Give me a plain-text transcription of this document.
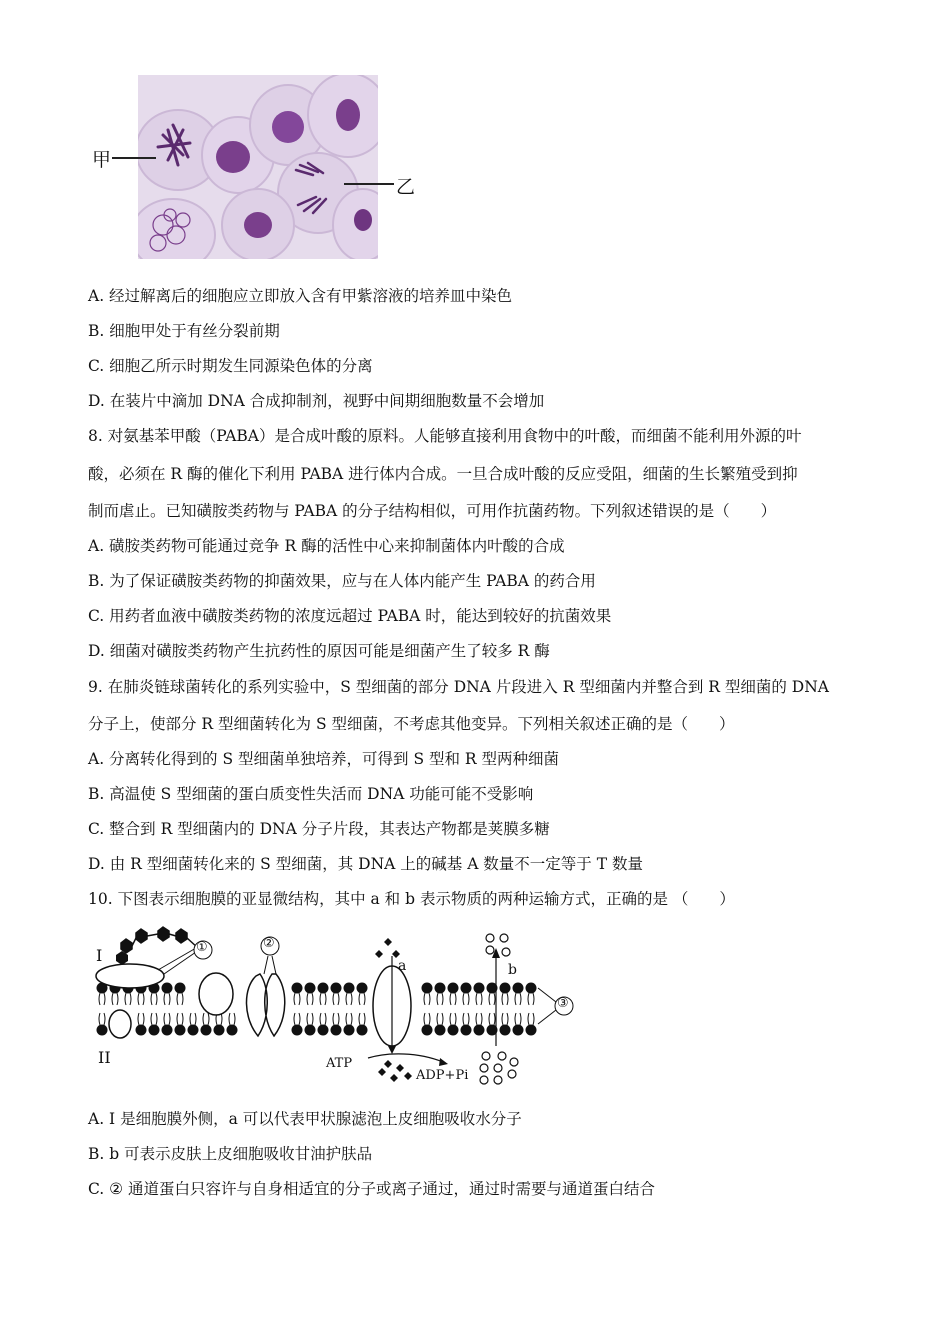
甲
乙
A. 经过解离后的细胞应立即放入含有甲紫溶液的培养皿中染色
B. 细胞甲处于有丝分裂前期
C. 细胞乙所示时期发生同源染色体的分离
D. 在装片中滴加 DNA 合成抑制剂，视野中间期细胞数量不会增加
8. 对氨基苯甲酸（PABA）是合成叶酸的原料。人能够直接利用食物中的叶酸，而细菌不能利用外源的叶
酸，必须在 R 酶的催化下利用 PABA 进行体内合成。一旦合成叶酸的反应受阻，细菌的生长繁殖受到抑
制而虐止。已知磺胺类药物与 PABA 的分子结构相似，可用作抗菌药物。下列叙述错误的是（　　）
A. 磺胺类药物可能通过竞争 R 酶的活性中心来抑制菌体内叶酸的合成
B. 为了保证磺胺类药物的抑菌效果，应与在人体内能产生 PABA 的药合用
C. 用药者血液中磺胺类药物的浓度远超过 PABA 时，能达到较好的抗菌效果
D. 细菌对磺胺类药物产生抗药性的原因可能是细菌产生了较多 R 酶
9. 在肺炎链球菌转化的系列实验中，S 型细菌的部分 DNA 片段进入 R 型细菌内并整合到 R 型细菌的 DNA
分子上，使部分 R 型细菌转化为 S 型细菌，不考虑其他变异。下列相关叙述正确的是（　　）
A. 分离转化得到的 S 型细菌单独培养，可得到 S 型和 R 型两种细菌
B. 高温使 S 型细菌的蛋白质变性失活而 DNA 功能可能不受影响
C. 整合到 R 型细菌内的 DNA 分子片段，其表达产物都是荚膜多糖
D. 由 R 型细菌转化来的 S 型细菌，其 DNA 上的碱基 A 数量不一定等于 T 数量
10. 下图表示细胞膜的亚显微结构，其中 a 和 b 表示物质的两种运输方式，正确的是 （　　）
I
II
①	②
③
a	b
ATP
ADP+Pi
A. Ⅰ 是细胞膜外侧，a 可以代表甲状腺滤泡上皮细胞吸收水分子
B. b 可表示皮肤上皮细胞吸收甘油护肤品
C. ② 通道蛋白只容许与自身相适宜的分子或离子通过，通过时需要与通道蛋白结合
